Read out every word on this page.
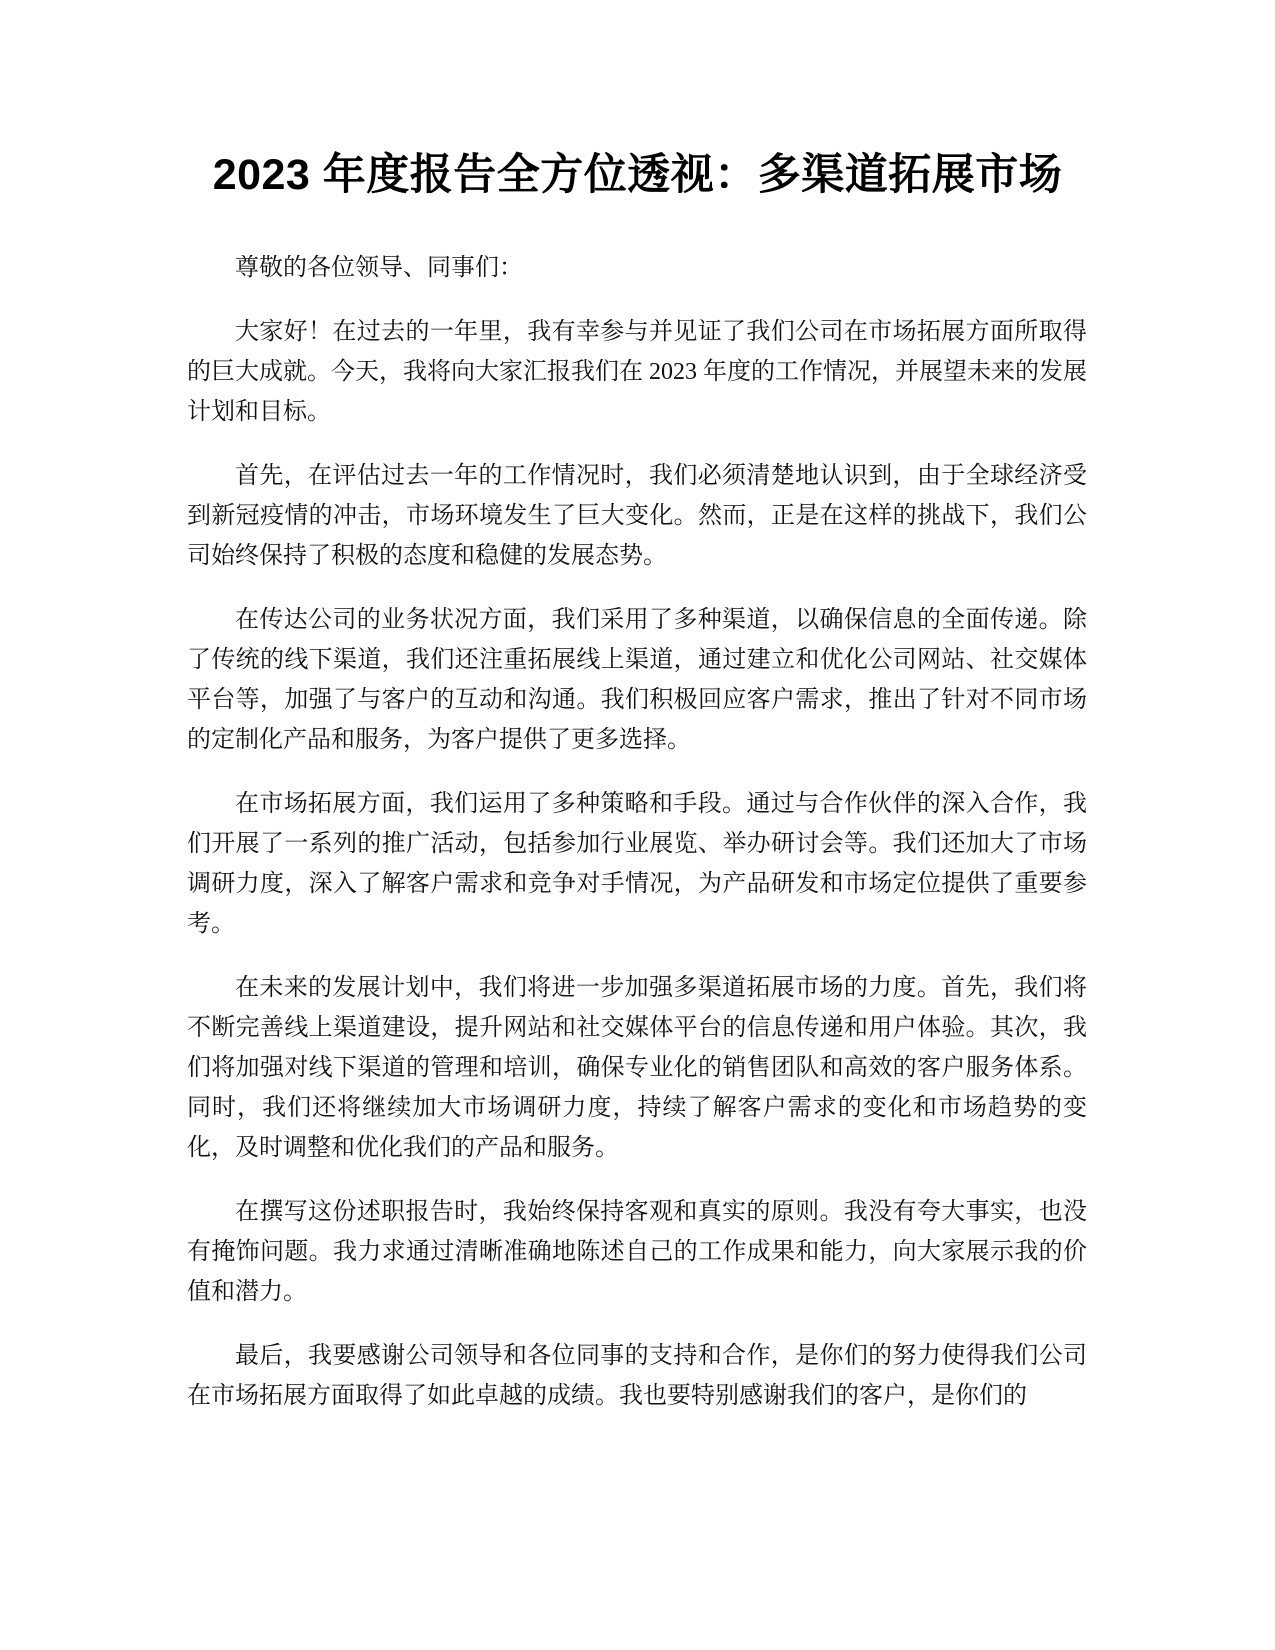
2023 年度报告全方位透视：多渠道拓展市场

尊敬的各位领导、同事们：

大家好！在过去的一年里，我有幸参与并见证了我们公司在市场拓展方面所取得的巨大成就。今天，我将向大家汇报我们在 2023 年度的工作情况，并展望未来的发展计划和目标。

首先，在评估过去一年的工作情况时，我们必须清楚地认识到，由于全球经济受到新冠疫情的冲击，市场环境发生了巨大变化。然而，正是在这样的挑战下，我们公司始终保持了积极的态度和稳健的发展态势。

在传达公司的业务状况方面，我们采用了多种渠道，以确保信息的全面传递。除了传统的线下渠道，我们还注重拓展线上渠道，通过建立和优化公司网站、社交媒体平台等，加强了与客户的互动和沟通。我们积极回应客户需求，推出了针对不同市场的定制化产品和服务，为客户提供了更多选择。

在市场拓展方面，我们运用了多种策略和手段。通过与合作伙伴的深入合作，我们开展了一系列的推广活动，包括参加行业展览、举办研讨会等。我们还加大了市场调研力度，深入了解客户需求和竞争对手情况，为产品研发和市场定位提供了重要参考。

在未来的发展计划中，我们将进一步加强多渠道拓展市场的力度。首先，我们将不断完善线上渠道建设，提升网站和社交媒体平台的信息传递和用户体验。其次，我们将加强对线下渠道的管理和培训，确保专业化的销售团队和高效的客户服务体系。同时，我们还将继续加大市场调研力度，持续了解客户需求的变化和市场趋势的变化，及时调整和优化我们的产品和服务。

在撰写这份述职报告时，我始终保持客观和真实的原则。我没有夸大事实，也没有掩饰问题。我力求通过清晰准确地陈述自己的工作成果和能力，向大家展示我的价值和潜力。

最后，我要感谢公司领导和各位同事的支持和合作，是你们的努力使得我们公司在市场拓展方面取得了如此卓越的成绩。我也要特别感谢我们的客户，是你们的
